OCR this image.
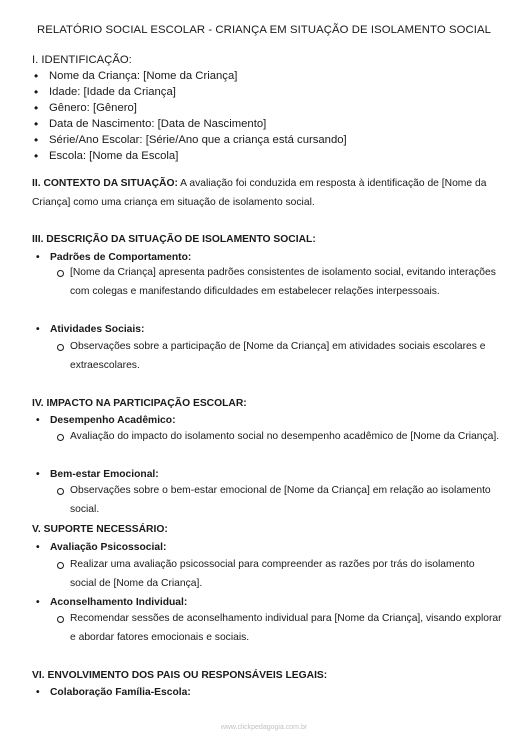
RELATÓRIO SOCIAL ESCOLAR - CRIANÇA EM SITUAÇÃO DE ISOLAMENTO SOCIAL
I. IDENTIFICAÇÃO:
• Nome da Criança: [Nome da Criança]
• Idade: [Idade da Criança]
• Gênero: [Gênero]
• Data de Nascimento: [Data de Nascimento]
• Série/Ano Escolar: [Série/Ano que a criança está cursando]
• Escola: [Nome da Escola]
II. CONTEXTO DA SITUAÇÃO: A avaliação foi conduzida em resposta à identificação de [Nome da Criança] como uma criança em situação de isolamento social.
III. DESCRIÇÃO DA SITUAÇÃO DE ISOLAMENTO SOCIAL:
• Padrões de Comportamento:
[Nome da Criança] apresenta padrões consistentes de isolamento social, evitando interações com colegas e manifestando dificuldades em estabelecer relações interpessoais.
• Atividades Sociais:
Observações sobre a participação de [Nome da Criança] em atividades sociais escolares e extraescolares.
IV. IMPACTO NA PARTICIPAÇÃO ESCOLAR:
• Desempenho Acadêmico:
Avaliação do impacto do isolamento social no desempenho acadêmico de [Nome da Criança].
• Bem-estar Emocional:
Observações sobre o bem-estar emocional de [Nome da Criança] em relação ao isolamento social.
V. SUPORTE NECESSÁRIO:
• Avaliação Psicossocial:
Realizar uma avaliação psicossocial para compreender as razões por trás do isolamento social de [Nome da Criança].
• Aconselhamento Individual:
Recomendar sessões de aconselhamento individual para [Nome da Criança], visando explorar e abordar fatores emocionais e sociais.
VI. ENVOLVIMENTO DOS PAIS OU RESPONSÁVEIS LEGAIS:
• Colaboração Família-Escola:
www.clickpedagogia.com.br
